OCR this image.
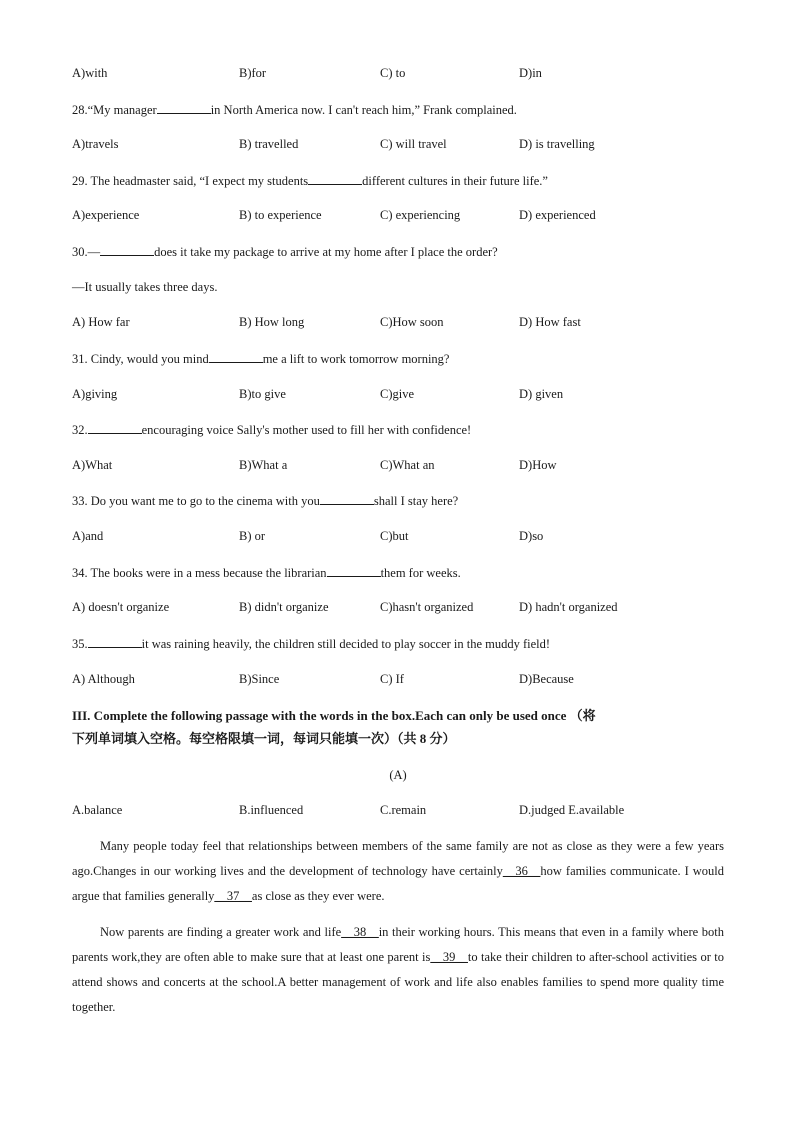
A)with	B)for	C) to	D)in
28.“My manager	in North America now. I can't reach him,” Frank complained.
A)travels	B) travelled	C) will travel	D) is travelling
29. The headmaster said, “I expect my students	different cultures in their future life.”
A)experience	B) to experience	C) experiencing	D) experienced
30.—	does it take my package to arrive at my home after I place the order?
—It usually takes three days.
A) How far	B) How long	C)How soon	D) How fast
31. Cindy, would you mind	me a lift to work tomorrow morning?
A)giving	B)to give	C)give	D) given
32.	encouraging voice Sally's mother used to fill her with confidence!
A)What	B)What a	C)What an	D)How
33. Do you want me to go to the cinema with you	shall I stay here?
A)and	B) or	C)but	D)so
34. The books were in a mess because the librarian	them for weeks.
A) doesn't organize	B) didn't organize	C)hasn't organized	D) hadn't organized
35.	it was raining heavily, the children still decided to play soccer in the muddy field!
A) Although	B)Since	C) If	D)Because
III. Complete the following passage with the words in the box.Each can only be used once （将
下列单词填入空格。每空格限填一词，每词只能填一次）（共 8 分）
(A)
A.balance	B.influenced	C.remain	D.judged E.available
Many people today feel that relationships between members of the same family are not as close as they were a few years ago.Changes in our working lives and the development of technology have certainly__36__how families communicate. I would argue that families generally__37__as close as they ever were.
Now parents are finding a greater work and life__38__in their working hours. This means that even in a family where both parents work,they are often able to make sure that at least one parent is__39__to take their children to after-school activities or to attend shows and concerts at the school.A better management of work and life also enables families to spend more quality time together.
